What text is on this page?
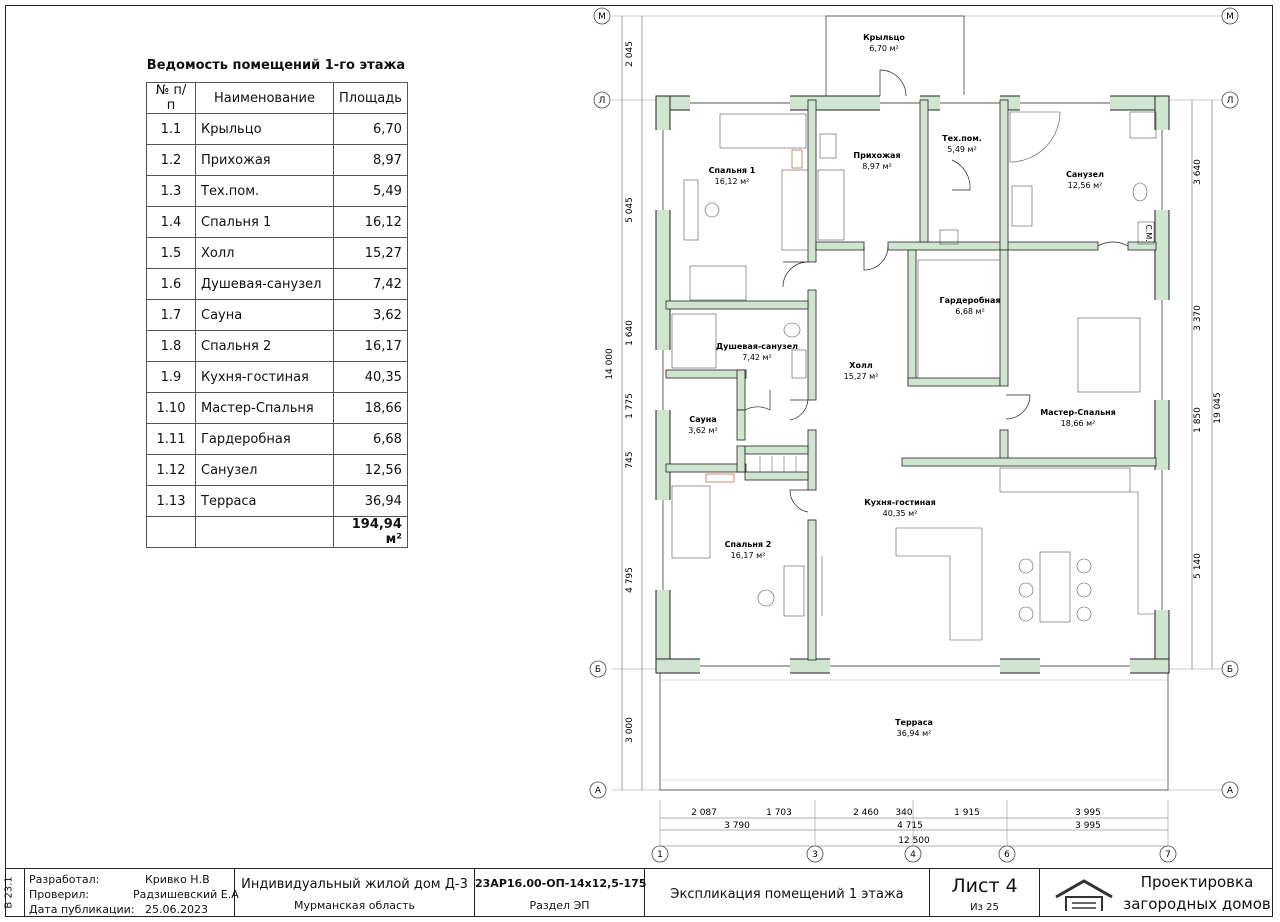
Ведомость помещений 1-го этажа
№ п/п	Наименование	Площадь
1.1	Крыльцо	6,70
1.2	Прихожая	8,97
1.3	Тех.пом.	5,49
1.4	Спальня 1	16,12
1.5	Холл	15,27
1.6	Душевая-санузел	7,42
1.7	Сауна	3,62
1.8	Спальня 2	16,17
1.9	Кухня-гостиная	40,35
1.10	Мастер-Спальня	18,66
1.11	Гардеробная	6,68
1.12	Санузел	12,56
1.13	Терраса	36,94
		194,94 м²
Крыльцо
6,70 м²
Прихожая
8,97 м²
Тех.пом.
5,49 м²
Спальня 1
16,12 м²
Санузел
12,56 м²
Гардеробная
6,68 м²
Душевая-санузел
7,42 м²
Холл
15,27 м²
Мастер-Спальня
18,66 м²
Сауна
3,62 м²
Кухня-гостиная
40,35 м²
Спальня 2
16,17 м²
Терраса
36,94 м²
С.М.
М	М
Л	Л
Б	Б
А	А
1	3	4	6	7
2 045
5 045
1 640
1 775
745
4 795
3 000
14 000
3 640
3 370
1 850
5 140
19 045
2 087	1 703	2 460 340	1 915	3 995
3 790	4 715	3 995
12 500
В 23.1 Разработал:
Проверил:
Дата публикации:
Кривко Н.В
Радзишевский Е.А
25.06.2023
Индивидуальный жилой дом Д-3
Мурманская область
23АР16.00-ОП-14х12,5-175
Раздел ЭП
Экспликация помещений 1 этажа	Лист 4
Из 25
Проектировка
загородных домов
